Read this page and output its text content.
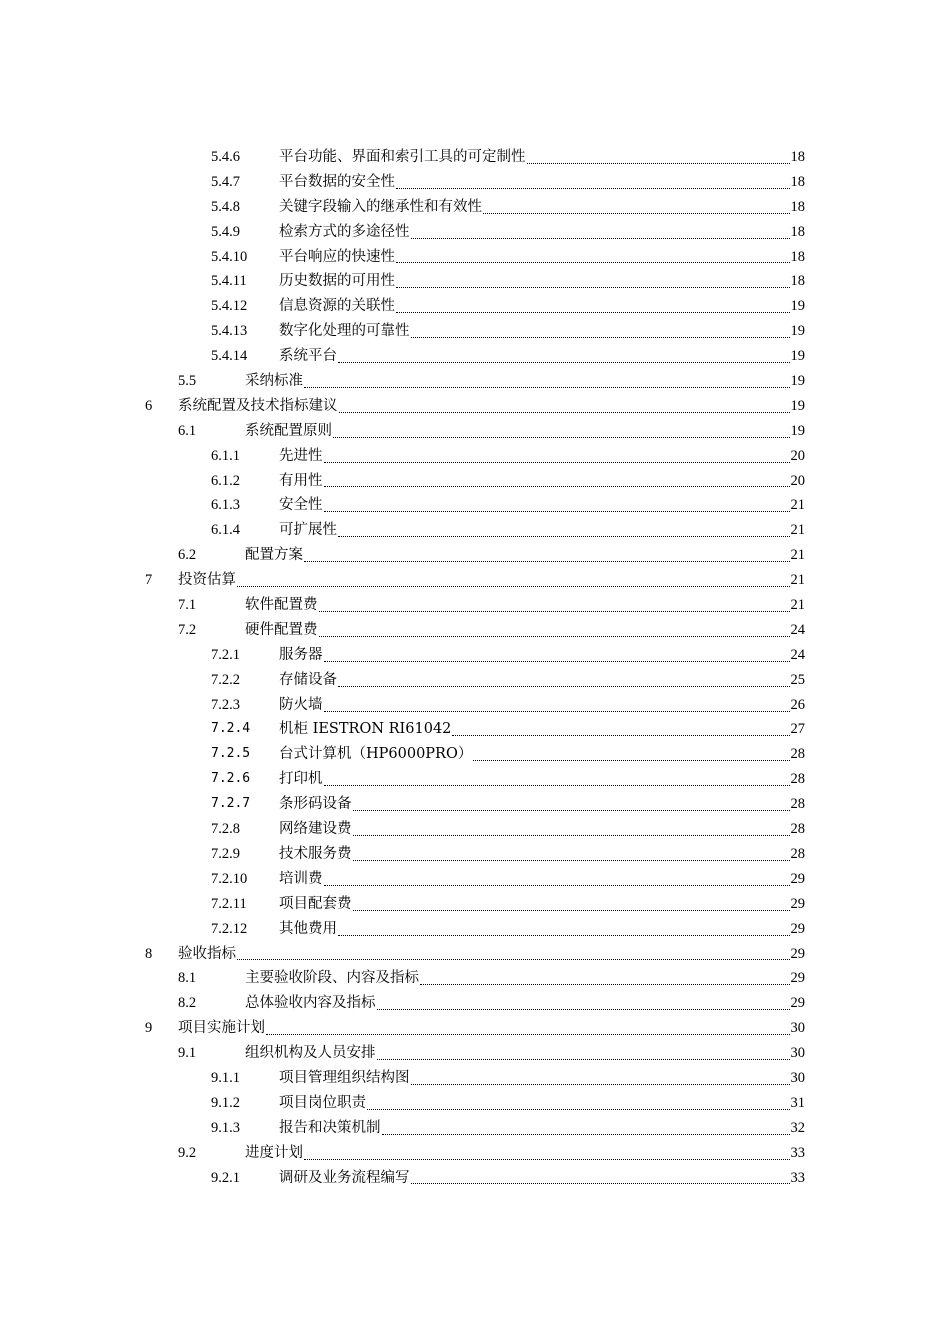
5.4.6	平台功能、界面和索引工具的可定制性	18
5.4.7	平台数据的安全性	18
5.4.8	关键字段输入的继承性和有效性	18
5.4.9	检索方式的多途径性	18
5.4.10 平台响应的快速性	18
5.4.11 历史数据的可用性	18
5.4.12 信息资源的关联性	19
5.4.13 数字化处理的可靠性	19
5.4.14 系统平台	19
5.5	采纳标准	19
6 系统配置及技术指标建议	19
6.1	系统配置原则	19
6.1.1	先进性	20
6.1.2	有用性	20
6.1.3	安全性	21
6.1.4	可扩展性	21
6.2	配置方案	21
7 投资估算	21
7.1	软件配置费	21
7.2	硬件配置费	24
7.2.1	服务器	24
7.2.2	存储设备	25
7.2.3	防火墙	26
7.2.4 机柜 IESTRON RI61042	27
7.2.5 台式计算机（HP6000PRO）	28
7.2.6 打印机	28
7.2.7 条形码设备	28
7.2.8	网络建设费	28
7.2.9	技术服务费	28
7.2.10 培训费	29
7.2.11 项目配套费	29
7.2.12 其他费用	29
8 验收指标	29
8.1	主要验收阶段、内容及指标	29
8.2	总体验收内容及指标	29
9 项目实施计划	30
9.1	组织机构及人员安排	30
9.1.1	项目管理组织结构图	30
9.1.2	项目岗位职责	31
9.1.3	报告和决策机制	32
9.2	进度计划	33
9.2.1	调研及业务流程编写	33
